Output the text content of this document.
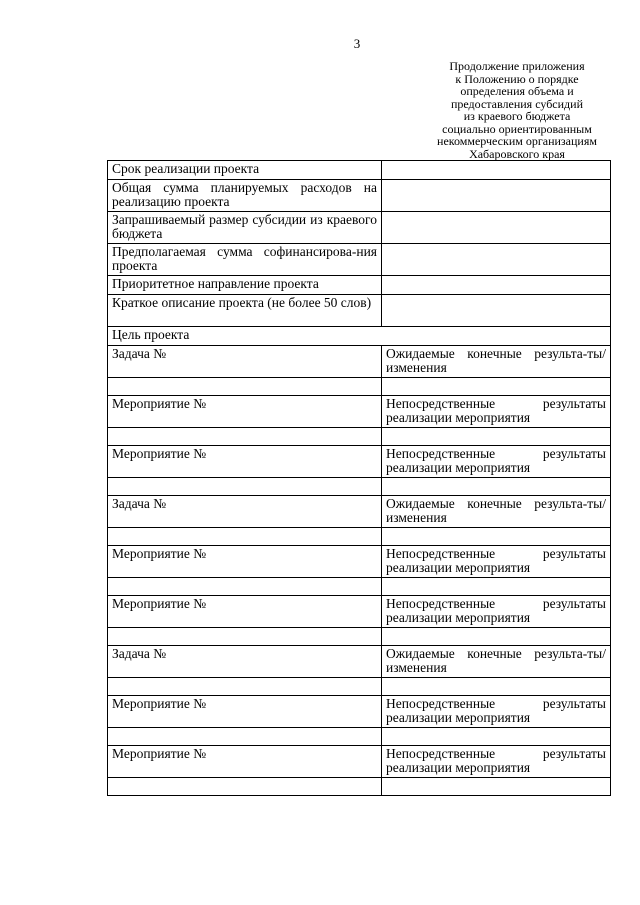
3
Продолжение приложения
к Положению о порядке
определения объема и
предоставления субсидий
из краевого бюджета
социально ориентированным
некоммерческим организациям
Хабаровского края
Срок реализации проекта	
Общая сумма планируемых расходов на реализацию проекта	
Запрашиваемый размер субсидии из краевого бюджета	
Предполагаемая сумма софинансирова-ния проекта	
Приоритетное направление проекта	
Краткое описание проекта (не более 50 слов)	
Цель проекта	
Задача №	Ожидаемые конечные результа-ты/изменения

Мероприятие №	Непосредственные результаты
реализации мероприятия

Мероприятие №	Непосредственные результаты
реализации мероприятия

Задача №	Ожидаемые конечные результа-ты/изменения

Мероприятие №	Непосредственные результаты
реализации мероприятия

Мероприятие №	Непосредственные результаты
реализации мероприятия

Задача №	Ожидаемые конечные результа-ты/изменения

Мероприятие №	Непосредственные результаты
реализации мероприятия

Мероприятие №	Непосредственные результаты
реализации мероприятия
